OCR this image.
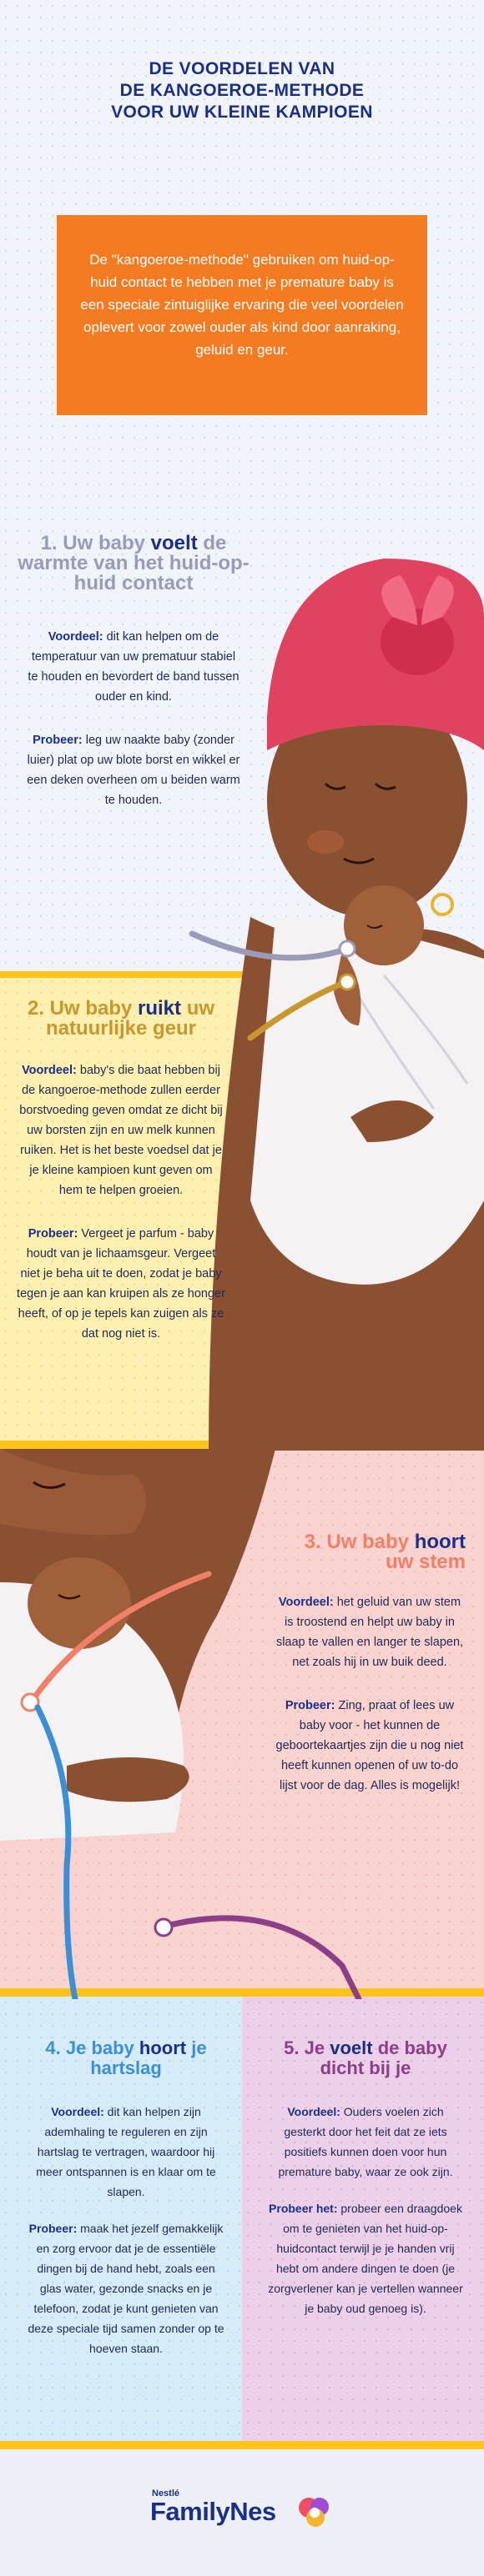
DE VOORDELEN VAN
DE KANGOEROE-METHODE
VOOR UW KLEINE KAMPIOEN
De "kangoeroe-methode" gebruiken om huid-op-huid contact te hebben met je premature baby is een speciale zintuiglijke ervaring die veel voordelen oplevert voor zowel ouder als kind door aanraking, geluid en geur.
1. Uw baby voelt de warmte van het huid-op-huid contact

Voordeel: dit kan helpen om de temperatuur van uw prematuur stabiel te houden en bevordert de band tussen ouder en kind.

Probeer: leg uw naakte baby (zonder luier) plat op uw blote borst en wikkel er een deken overheen om u beiden warm te houden.

2. Uw baby ruikt uw natuurlijke geur

Voordeel: baby's die baat hebben bij de kangoeroe-methode zullen eerder borstvoeding geven omdat ze dicht bij uw borsten zijn en uw melk kunnen ruiken. Het is het beste voedsel dat je je kleine kampioen kunt geven om hem te helpen groeien.

Probeer: Vergeet je parfum - baby houdt van je lichaamsgeur. Vergeet niet je beha uit te doen, zodat je baby tegen je aan kan kruipen als ze honger heeft, of op je tepels kan zuigen als ze dat nog niet is.

3. Uw baby hoort uw stem

Voordeel: het geluid van uw stem is troostend en helpt uw baby in slaap te vallen en langer te slapen, net zoals hij in uw buik deed.

Probeer: Zing, praat of lees uw baby voor - het kunnen de geboortekaartjes zijn die u nog niet heeft kunnen openen of uw to-do lijst voor de dag. Alles is mogelijk!

4. Je baby hoort je hartslag

Voordeel: dit kan helpen zijn ademhaling te reguleren en zijn hartslag te vertragen, waardoor hij meer ontspannen is en klaar om te slapen.

Probeer: maak het jezelf gemakkelijk en zorg ervoor dat je de essentiële dingen bij de hand hebt, zoals een glas water, gezonde snacks en je telefoon, zodat je kunt genieten van deze speciale tijd samen zonder op te hoeven staan.

5. Je voelt de baby dicht bij je

Voordeel: Ouders voelen zich gesterkt door het feit dat ze iets positiefs kunnen doen voor hun premature baby, waar ze ook zijn.

Probeer het: probeer een draagdoek om te genieten van het huid-op-huidcontact terwijl je je handen vrij hebt om andere dingen te doen (je zorgverlener kan je vertellen wanneer je baby oud genoeg is).

Nestlé
FamilyNes
